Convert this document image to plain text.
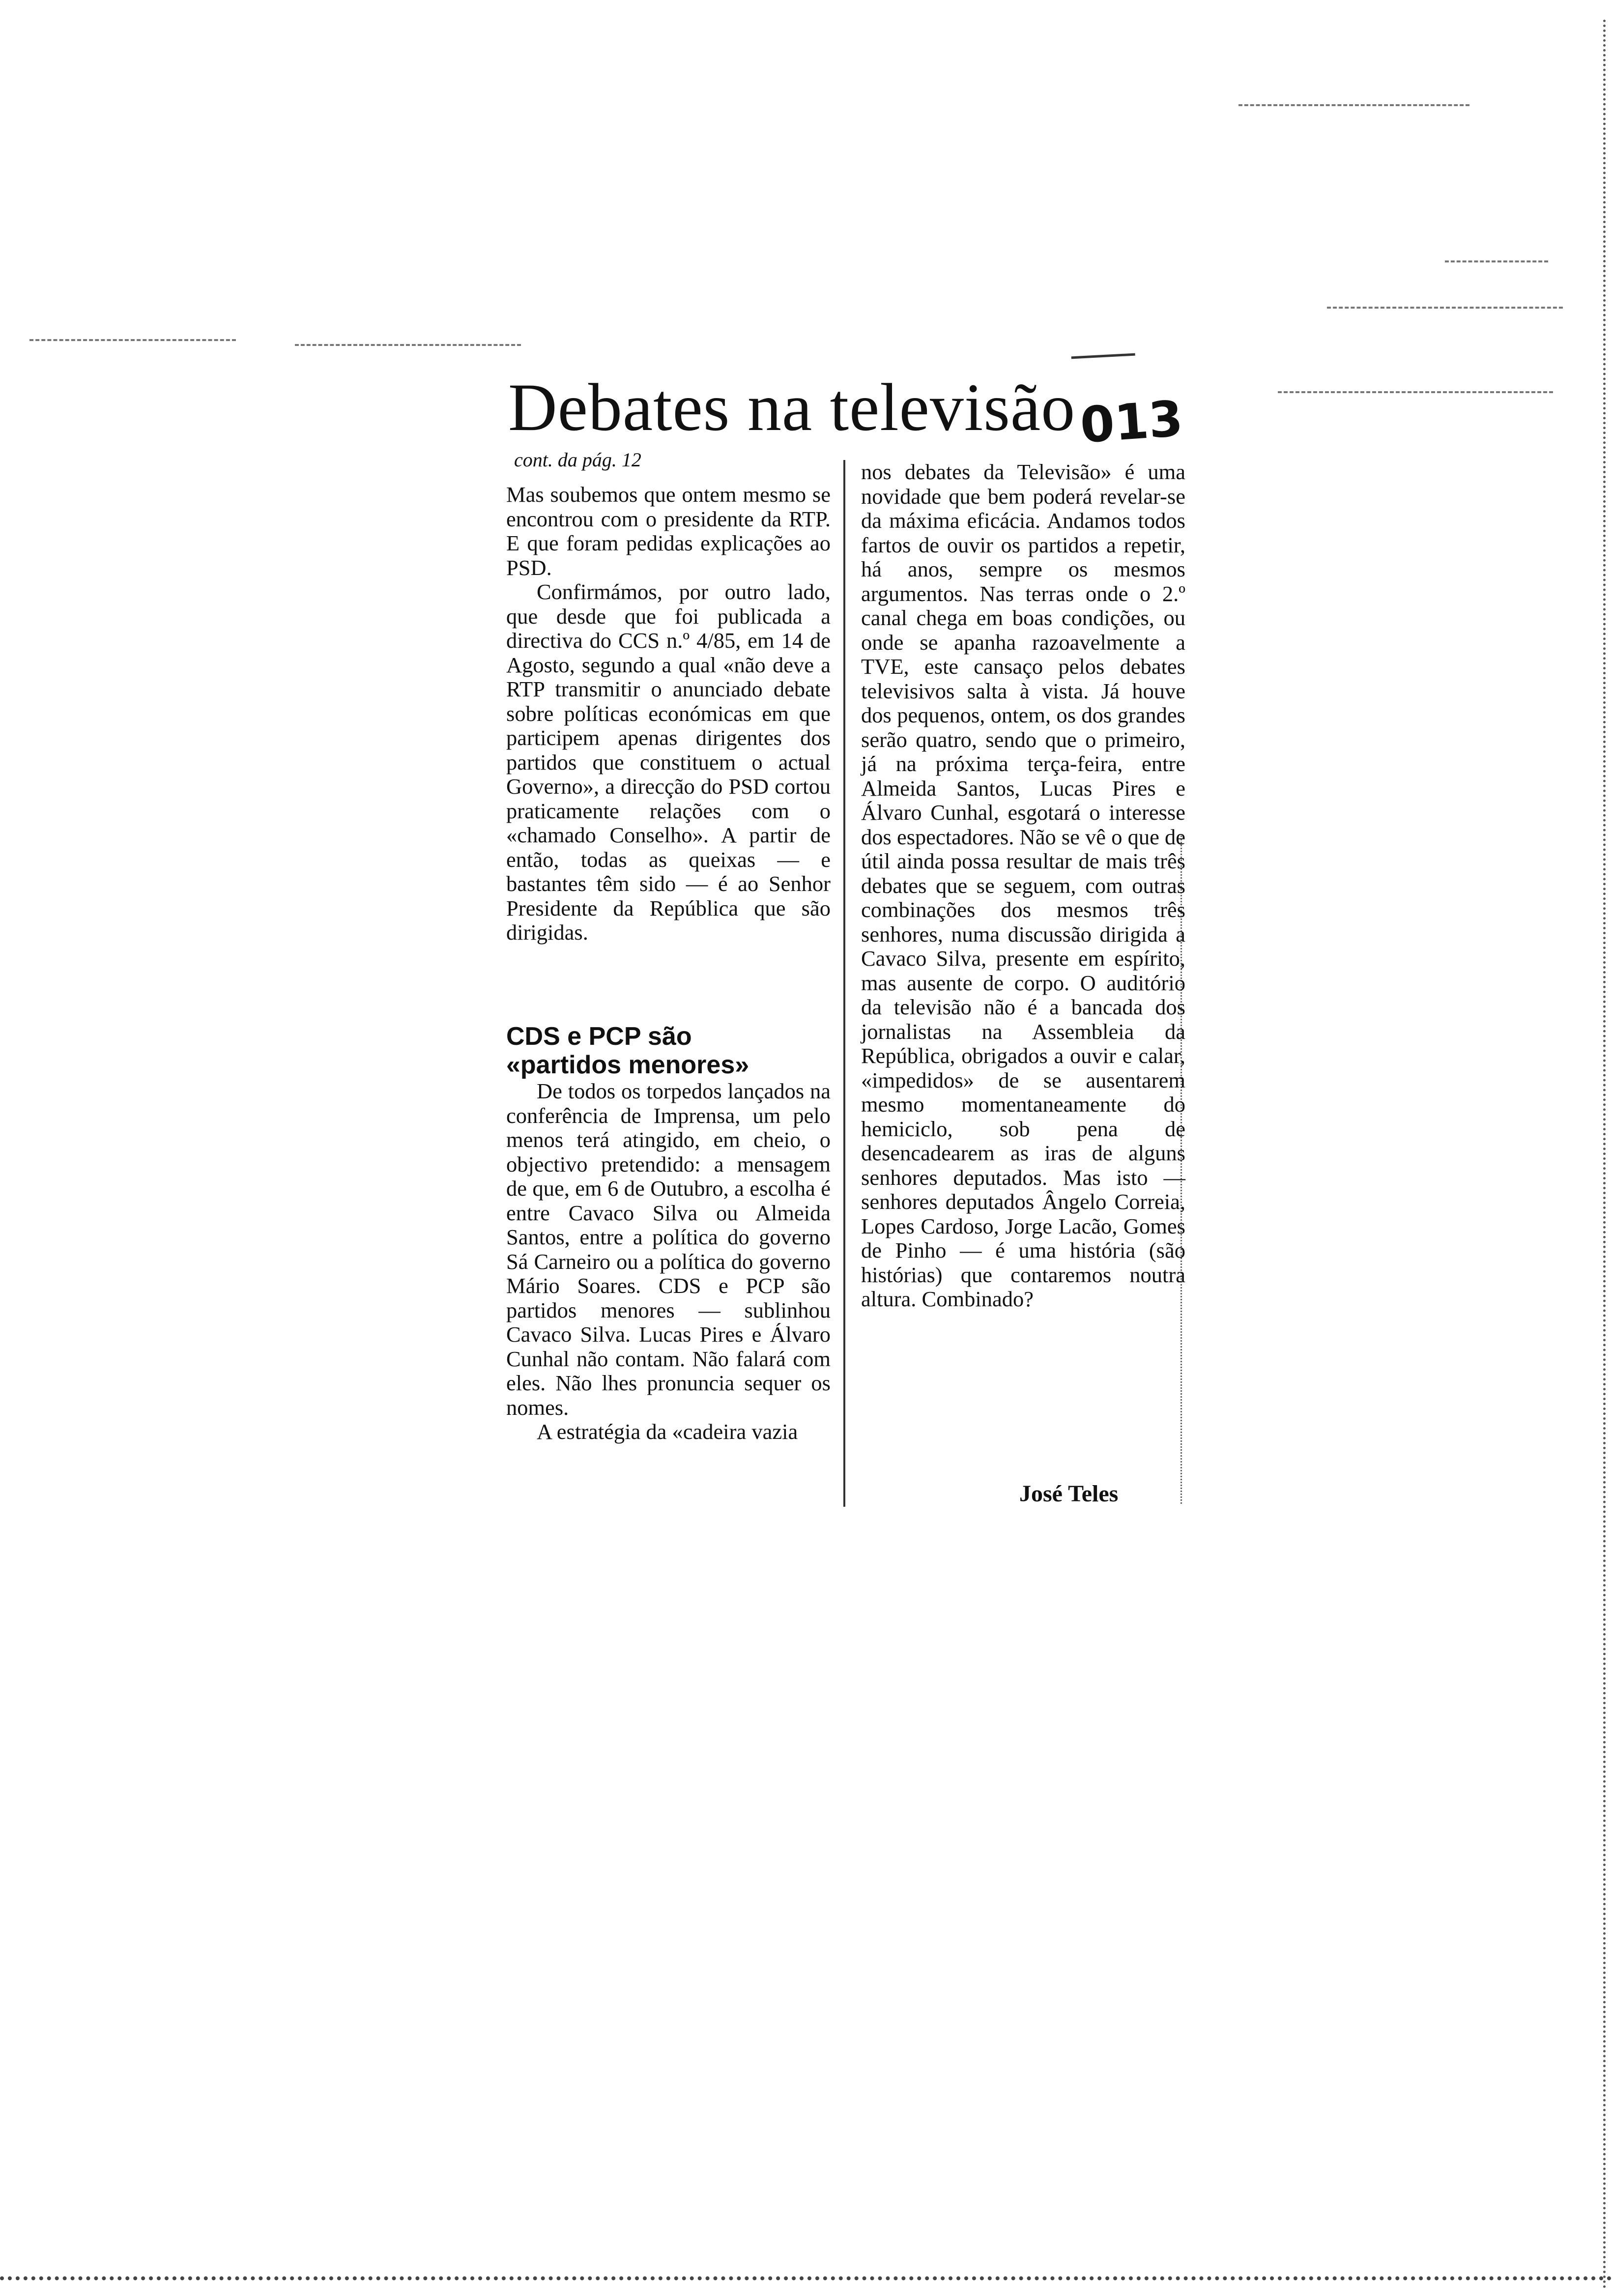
Debates na televisão 013
cont. da pág. 12

Mas soubemos que ontem mesmo se encontrou com o presidente da RTP. E que foram pedidas explicações ao PSD.

Confirmámos, por outro lado, que desde que foi publicada a directiva do CCS n.º 4/85, em 14 de Agosto, segundo a qual «não deve a RTP transmitir o anunciado debate sobre políticas económicas em que participem apenas dirigentes dos partidos que constituem o actual Governo», a direcção do PSD cortou praticamente relações com o «chamado Conselho». A partir de então, todas as queixas — e bastantes têm sido — é ao Senhor Presidente da República que são dirigidas.

CDS e PCP são
«partidos menores»

De todos os torpedos lançados na conferência de Imprensa, um pelo menos terá atingido, em cheio, o objectivo pretendido: a mensagem de que, em 6 de Outubro, a escolha é entre Cavaco Silva ou Almeida Santos, entre a política do governo Sá Carneiro ou a política do governo Mário Soares. CDS e PCP são partidos menores — sublinhou Cavaco Silva. Lucas Pires e Álvaro Cunhal não contam. Não falará com eles. Não lhes pronuncia sequer os nomes.

A estratégia da «cadeira vazia

nos debates da Televisão» é uma novidade que bem poderá revelar-se da máxima eficácia. Andamos todos fartos de ouvir os partidos a repetir, há anos, sempre os mesmos argumentos. Nas terras onde o 2.º canal chega em boas condições, ou onde se apanha razoavelmente a TVE, este cansaço pelos debates televisivos salta à vista. Já houve dos pequenos, ontem, os dos grandes serão quatro, sendo que o primeiro, já na próxima terça-feira, entre Almeida Santos, Lucas Pires e Álvaro Cunhal, esgotará o interesse dos espectadores. Não se vê o que de útil ainda possa resultar de mais três debates que se seguem, com outras combinações dos mesmos três senhores, numa discussão dirigida a Cavaco Silva, presente em espírito, mas ausente de corpo. O auditório da televisão não é a bancada dos jornalistas na Assembleia da República, obrigados a ouvir e calar, «impedidos» de se ausentarem mesmo momentaneamente do hemiciclo, sob pena de desencadearem as iras de alguns senhores deputados. Mas isto — senhores deputados Ângelo Correia, Lopes Cardoso, Jorge Lacão, Gomes de Pinho — é uma história (são histórias) que contaremos noutra altura. Combinado?

José Teles
